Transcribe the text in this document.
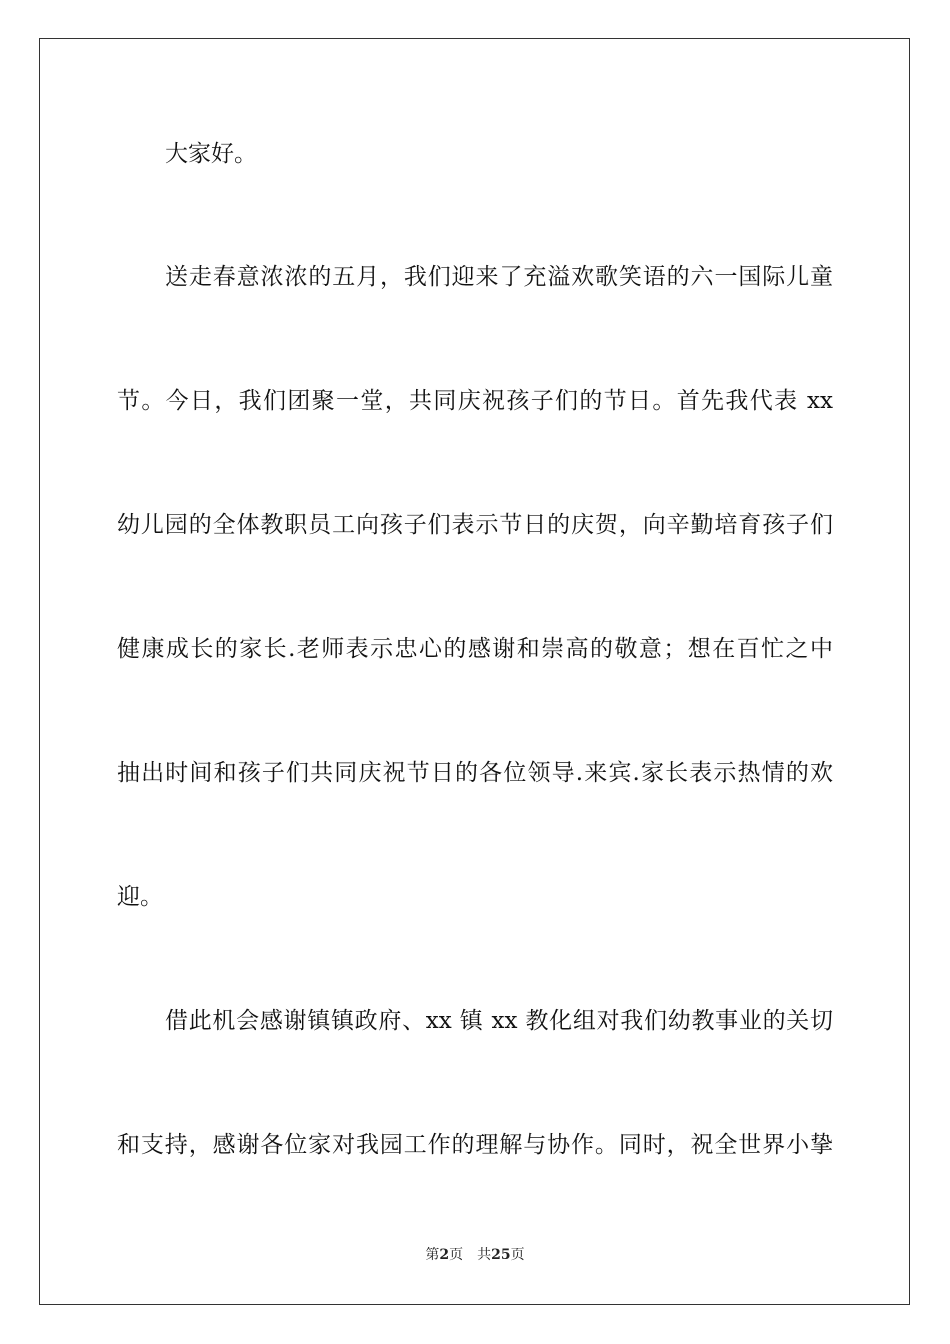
大家好。
送走春意浓浓的五月，我们迎来了充溢欢歌笑语的六一国际儿童
节。今日，我们团聚一堂，共同庆祝孩子们的节日。首先我代表 xx
幼儿园的全体教职员工向孩子们表示节日的庆贺，向辛勤培育孩子们
健康成长的家长.老师表示忠心的感谢和崇高的敬意；想在百忙之中
抽出时间和孩子们共同庆祝节日的各位领导.来宾.家长表示热情的欢
迎。
借此机会感谢镇镇政府、xx 镇 xx 教化组对我们幼教事业的关切
和支持，感谢各位家对我园工作的理解与协作。同时，祝全世界小挚
第2页 共25页
